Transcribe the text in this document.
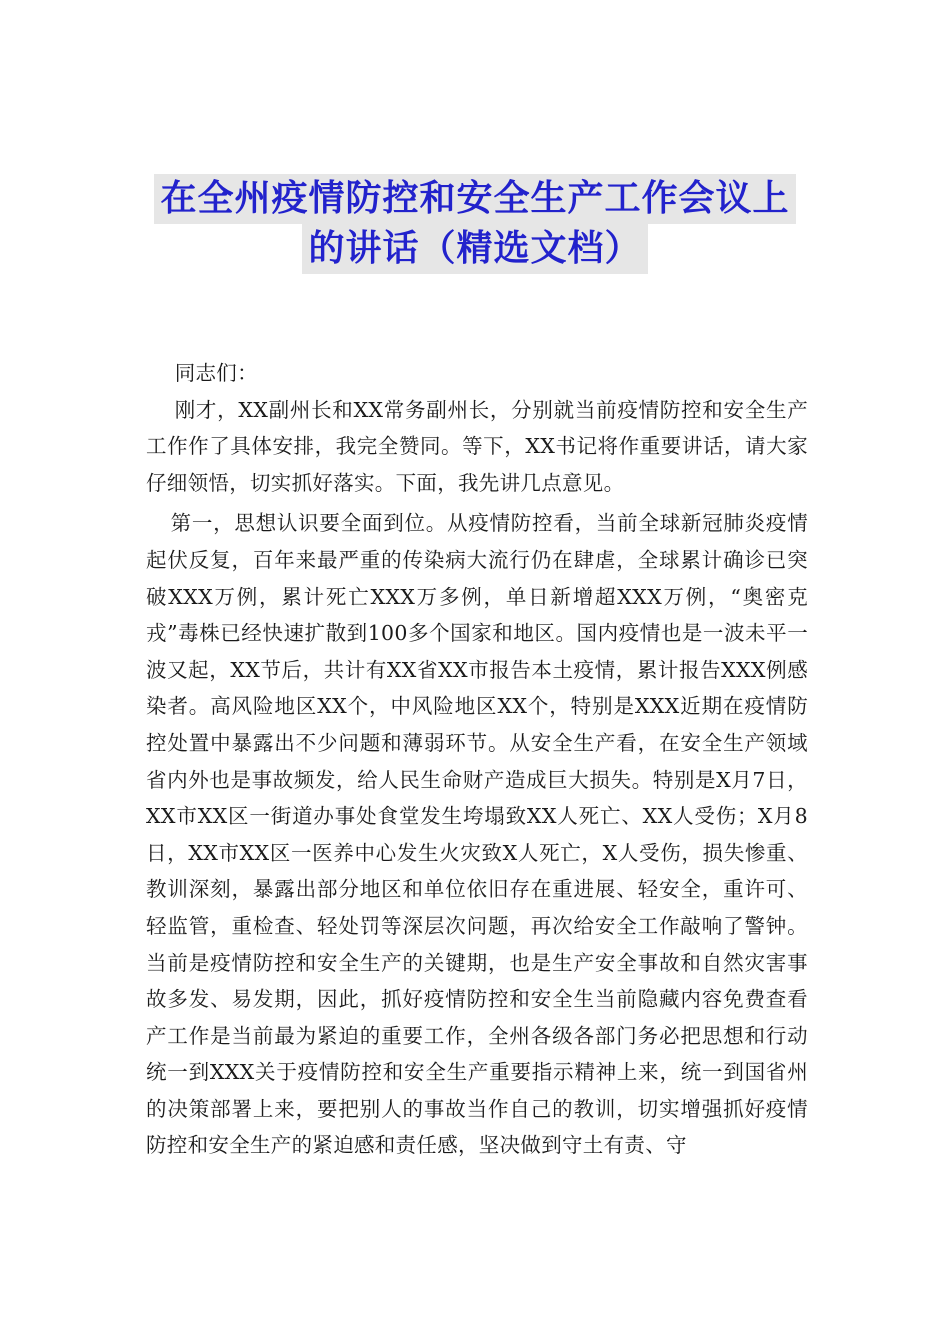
在全州疫情防控和安全生产工作会议上
的讲话（精选文档）

同志们：

刚才，XX副州长和XX常务副州长，分别就当前疫情防控和安全生产工作作了具体安排，我完全赞同。等下，XX书记将作重要讲话，请大家仔细领悟，切实抓好落实。下面，我先讲几点意见。

第一，思想认识要全面到位。从疫情防控看，当前全球新冠肺炎疫情起伏反复，百年来最严重的传染病大流行仍在肆虐，全球累计确诊已突破XXX万例，累计死亡XXX万多例，单日新增超XXX万例，“奥密克戎”毒株已经快速扩散到100多个国家和地区。国内疫情也是一波未平一波又起，XX节后，共计有XX省XX市报告本土疫情，累计报告XXX例感染者。高风险地区XX个，中风险地区XX个，特别是XXX近期在疫情防控处置中暴露出不少问题和薄弱环节。从安全生产看，在安全生产领域省内外也是事故频发，给人民生命财产造成巨大损失。特别是X月7日，XX市XX区一街道办事处食堂发生垮塌致XX人死亡、XX人受伤；X月8日，XX市XX区一医养中心发生火灾致X人死亡，X人受伤，损失惨重、教训深刻，暴露出部分地区和单位依旧存在重进展、轻安全，重许可、轻监管，重检查、轻处罚等深层次问题，再次给安全工作敲响了警钟。当前是疫情防控和安全生产的关键期，也是生产安全事故和自然灾害事故多发、易发期，因此，抓好疫情防控和安全生当前隐藏内容免费查看产工作是当前最为紧迫的重要工作，全州各级各部门务必把思想和行动统一到XXX关于疫情防控和安全生产重要指示精神上来，统一到国省州的决策部署上来，要把别人的事故当作自己的教训，切实增强抓好疫情防控和安全生产的紧迫感和责任感，坚决做到守土有责、守
